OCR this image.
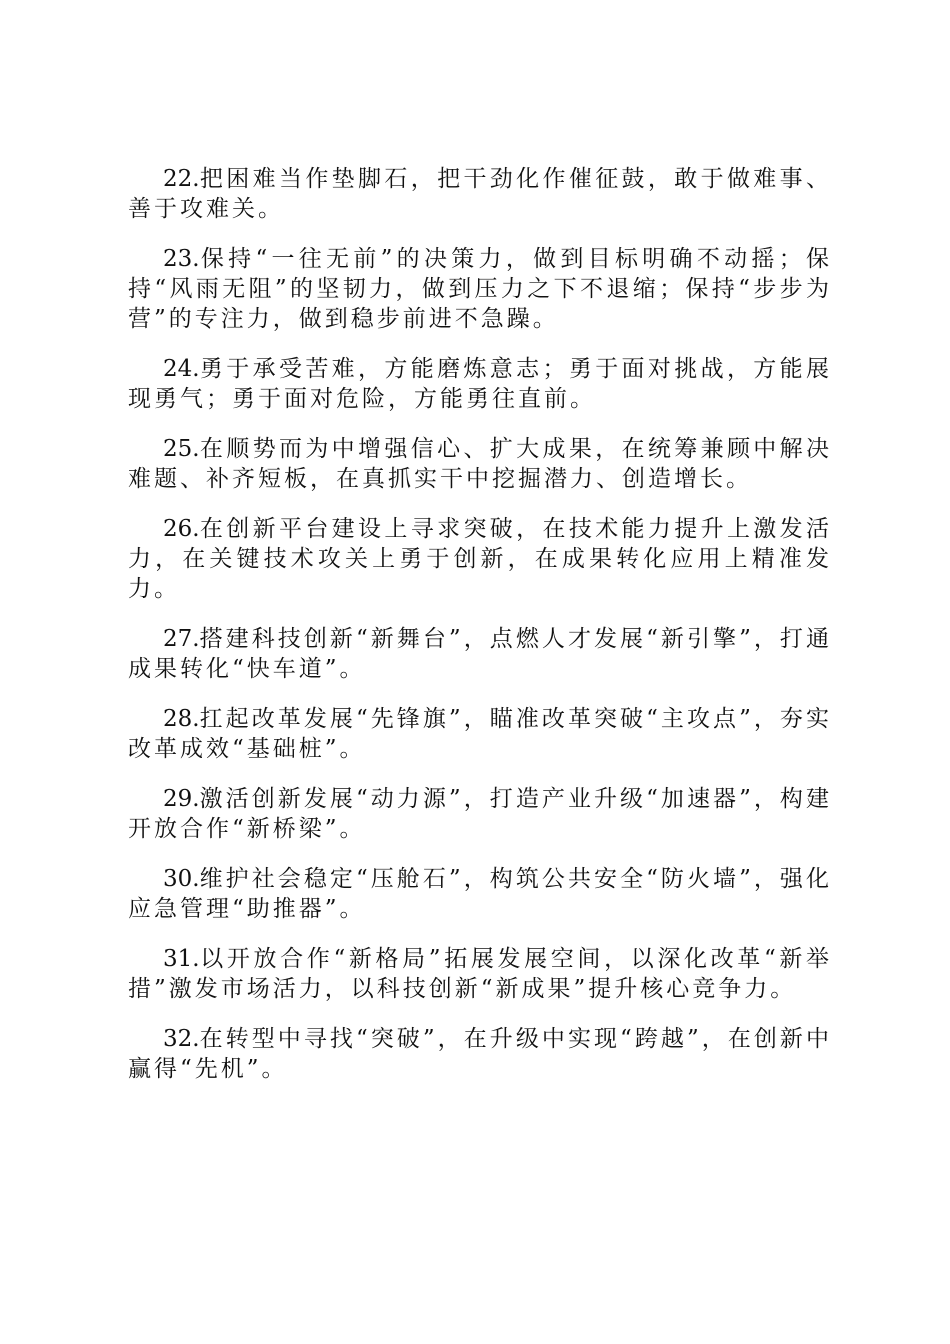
22.把困难当作垫脚石，把干劲化作催征鼓，敢于做难事、善于攻难关。

23.保持“一往无前”的决策力，做到目标明确不动摇；保持“风雨无阻”的坚韧力，做到压力之下不退缩；保持“步步为营”的专注力，做到稳步前进不急躁。

24.勇于承受苦难，方能磨炼意志；勇于面对挑战，方能展现勇气；勇于面对危险，方能勇往直前。

25.在顺势而为中增强信心、扩大成果，在统筹兼顾中解决难题、补齐短板，在真抓实干中挖掘潜力、创造增长。

26.在创新平台建设上寻求突破，在技术能力提升上激发活力，在关键技术攻关上勇于创新，在成果转化应用上精准发力。

27.搭建科技创新“新舞台”，点燃人才发展“新引擎”，打通成果转化“快车道”。

28.扛起改革发展“先锋旗”，瞄准改革突破“主攻点”，夯实改革成效“基础桩”。

29.激活创新发展“动力源”，打造产业升级“加速器”，构建开放合作“新桥梁”。

30.维护社会稳定“压舱石”，构筑公共安全“防火墙”，强化应急管理“助推器”。

31.以开放合作“新格局”拓展发展空间，以深化改革“新举措”激发市场活力，以科技创新“新成果”提升核心竞争力。

32.在转型中寻找“突破”，在升级中实现“跨越”，在创新中赢得“先机”。
